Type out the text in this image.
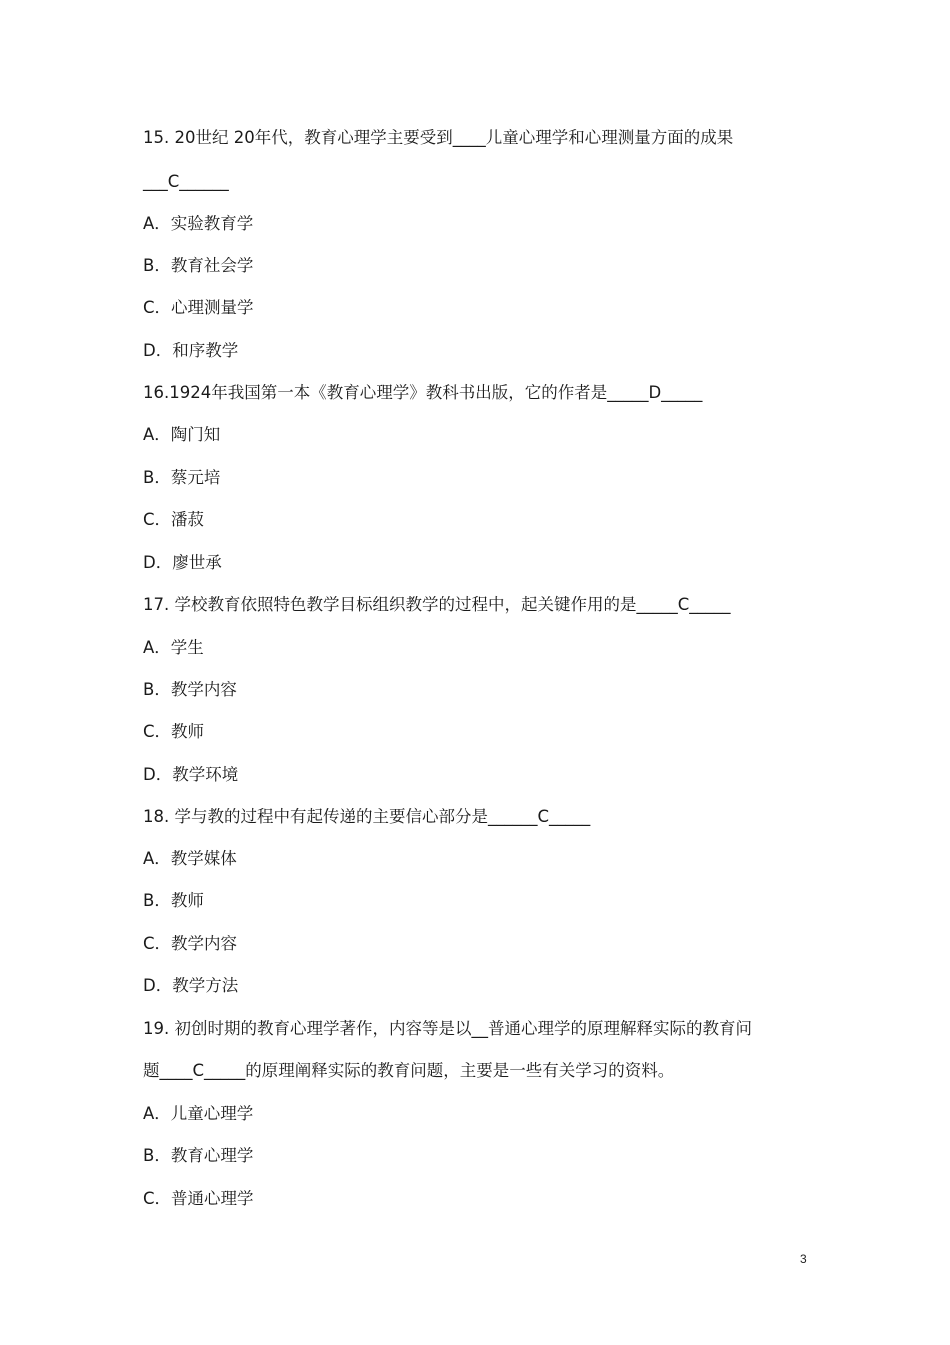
15. 20世纪 20年代，教育心理学主要受到____儿童心理学和心理测量方面的成果
___C______
A．实验教育学
B．教育社会学
C．心理测量学
D．和序教学
16.1924年我国第一本《教育心理学》教科书出版，它的作者是_____D_____
A．陶门知
B．蔡元培
C．潘菽
D．廖世承
17. 学校教育依照特色教学目标组织教学的过程中，起关键作用的是_____C_____
A．学生
B．教学内容
C．教师
D．教学环境
18. 学与教的过程中有起传递的主要信心部分是______C_____
A．教学媒体
B．教师
C．教学内容
D．教学方法
19. 初创时期的教育心理学著作，内容等是以__普通心理学的原理解释实际的教育问
题____C_____的原理阐释实际的教育问题，主要是一些有关学习的资料。
A．儿童心理学
B．教育心理学
C．普通心理学
3
